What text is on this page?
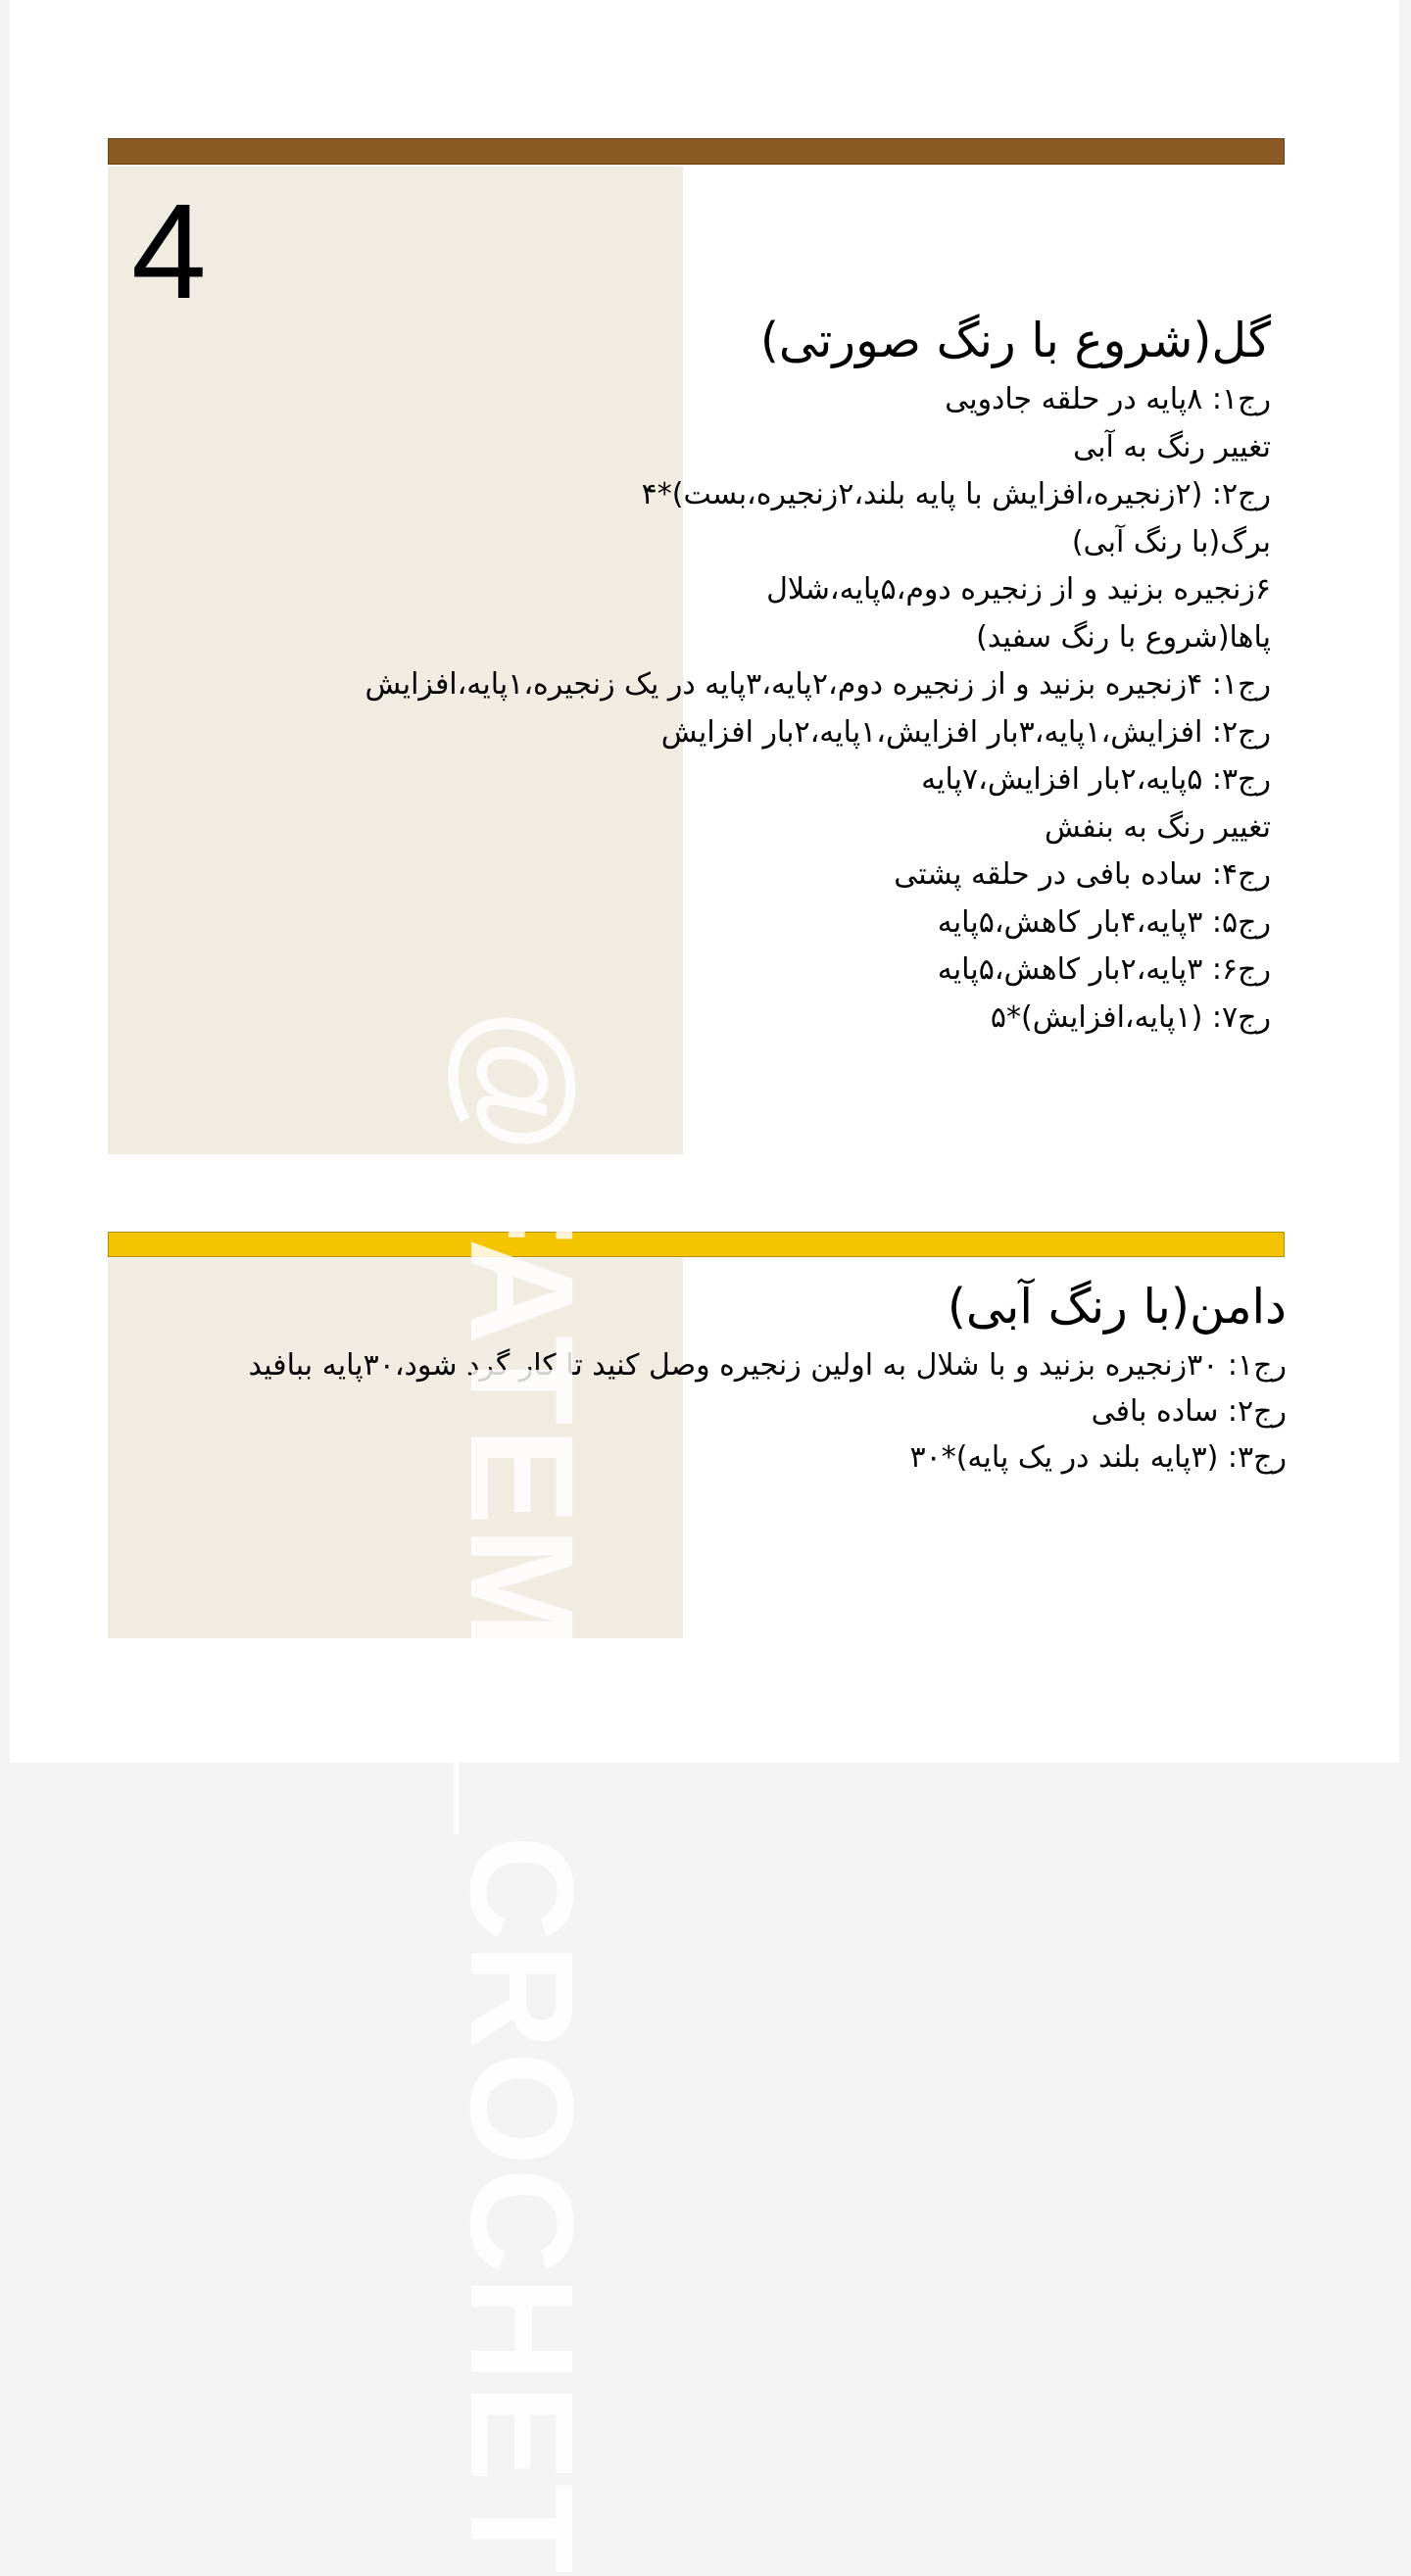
4
گل(شروع با رنگ صورتی)

رج۱: ۸پایه در حلقه جادویی

تغییر رنگ به آبی

رج۲: (۲زنجیره،افزایش با پایه بلند،۲زنجیره،بست)*۴

برگ(با رنگ آبی)

۶زنجیره بزنید و از زنجیره دوم،۵پایه،شلال

پاها(شروع با رنگ سفید)

رج۱: ۴زنجیره بزنید و از زنجیره دوم،۲پایه،۳پایه در یک زنجیره،۱پایه،افزایش

رج۲: افزایش،۱پایه،۳بار افزایش،۱پایه،۲بار افزایش

رج۳: ۵پایه،۲بار افزایش،۷پایه

تغییر رنگ به بنفش

رج۴: ساده بافی در حلقه پشتی

رج۵: ۳پایه،۴بار کاهش،۵پایه

رج۶: ۳پایه،۲بار کاهش،۵پایه

رج۷: (۱پایه،افزایش)*۵

دامن(با رنگ آبی)

رج۱: ۳۰زنجیره بزنید و با شلال به اولین زنجیره وصل کنید تا کار گرد شود،۳۰پایه ببافید

رج۲: ساده بافی

رج۳: (۳پایه بلند در یک پایه)*۳۰

@FATEME_CROCHET
